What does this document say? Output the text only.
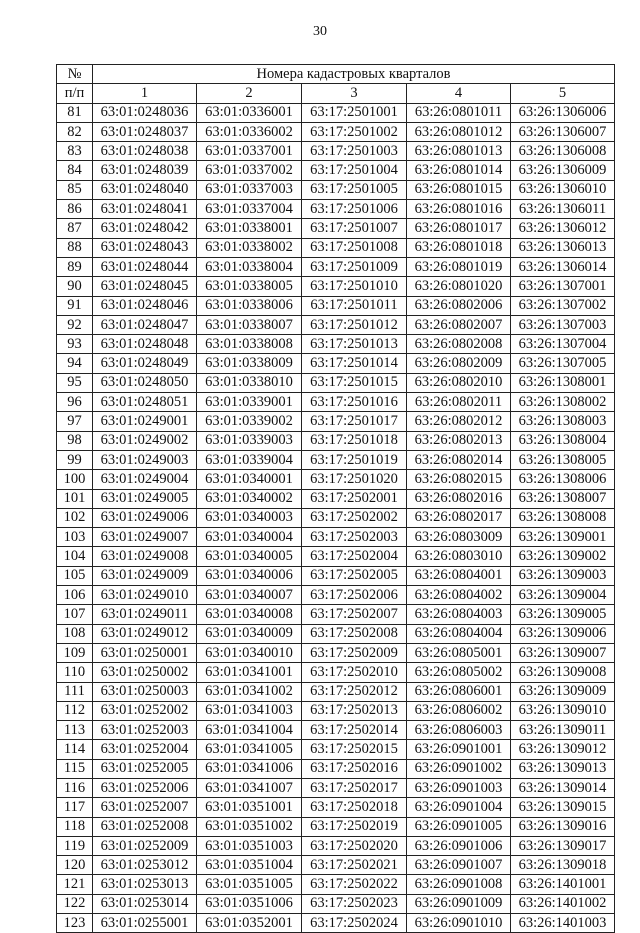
30
№	Номера кадастровых кварталов				
п/п	1	2	3	4	5
81	63:01:0248036	63:01:0336001	63:17:2501001	63:26:0801011	63:26:1306006
82	63:01:0248037	63:01:0336002	63:17:2501002	63:26:0801012	63:26:1306007
83	63:01:0248038	63:01:0337001	63:17:2501003	63:26:0801013	63:26:1306008
84	63:01:0248039	63:01:0337002	63:17:2501004	63:26:0801014	63:26:1306009
85	63:01:0248040	63:01:0337003	63:17:2501005	63:26:0801015	63:26:1306010
86	63:01:0248041	63:01:0337004	63:17:2501006	63:26:0801016	63:26:1306011
87	63:01:0248042	63:01:0338001	63:17:2501007	63:26:0801017	63:26:1306012
88	63:01:0248043	63:01:0338002	63:17:2501008	63:26:0801018	63:26:1306013
89	63:01:0248044	63:01:0338004	63:17:2501009	63:26:0801019	63:26:1306014
90	63:01:0248045	63:01:0338005	63:17:2501010	63:26:0801020	63:26:1307001
91	63:01:0248046	63:01:0338006	63:17:2501011	63:26:0802006	63:26:1307002
92	63:01:0248047	63:01:0338007	63:17:2501012	63:26:0802007	63:26:1307003
93	63:01:0248048	63:01:0338008	63:17:2501013	63:26:0802008	63:26:1307004
94	63:01:0248049	63:01:0338009	63:17:2501014	63:26:0802009	63:26:1307005
95	63:01:0248050	63:01:0338010	63:17:2501015	63:26:0802010	63:26:1308001
96	63:01:0248051	63:01:0339001	63:17:2501016	63:26:0802011	63:26:1308002
97	63:01:0249001	63:01:0339002	63:17:2501017	63:26:0802012	63:26:1308003
98	63:01:0249002	63:01:0339003	63:17:2501018	63:26:0802013	63:26:1308004
99	63:01:0249003	63:01:0339004	63:17:2501019	63:26:0802014	63:26:1308005
100	63:01:0249004	63:01:0340001	63:17:2501020	63:26:0802015	63:26:1308006
101	63:01:0249005	63:01:0340002	63:17:2502001	63:26:0802016	63:26:1308007
102	63:01:0249006	63:01:0340003	63:17:2502002	63:26:0802017	63:26:1308008
103	63:01:0249007	63:01:0340004	63:17:2502003	63:26:0803009	63:26:1309001
104	63:01:0249008	63:01:0340005	63:17:2502004	63:26:0803010	63:26:1309002
105	63:01:0249009	63:01:0340006	63:17:2502005	63:26:0804001	63:26:1309003
106	63:01:0249010	63:01:0340007	63:17:2502006	63:26:0804002	63:26:1309004
107	63:01:0249011	63:01:0340008	63:17:2502007	63:26:0804003	63:26:1309005
108	63:01:0249012	63:01:0340009	63:17:2502008	63:26:0804004	63:26:1309006
109	63:01:0250001	63:01:0340010	63:17:2502009	63:26:0805001	63:26:1309007
110	63:01:0250002	63:01:0341001	63:17:2502010	63:26:0805002	63:26:1309008
111	63:01:0250003	63:01:0341002	63:17:2502012	63:26:0806001	63:26:1309009
112	63:01:0252002	63:01:0341003	63:17:2502013	63:26:0806002	63:26:1309010
113	63:01:0252003	63:01:0341004	63:17:2502014	63:26:0806003	63:26:1309011
114	63:01:0252004	63:01:0341005	63:17:2502015	63:26:0901001	63:26:1309012
115	63:01:0252005	63:01:0341006	63:17:2502016	63:26:0901002	63:26:1309013
116	63:01:0252006	63:01:0341007	63:17:2502017	63:26:0901003	63:26:1309014
117	63:01:0252007	63:01:0351001	63:17:2502018	63:26:0901004	63:26:1309015
118	63:01:0252008	63:01:0351002	63:17:2502019	63:26:0901005	63:26:1309016
119	63:01:0252009	63:01:0351003	63:17:2502020	63:26:0901006	63:26:1309017
120	63:01:0253012	63:01:0351004	63:17:2502021	63:26:0901007	63:26:1309018
121	63:01:0253013	63:01:0351005	63:17:2502022	63:26:0901008	63:26:1401001
122	63:01:0253014	63:01:0351006	63:17:2502023	63:26:0901009	63:26:1401002
123	63:01:0255001	63:01:0352001	63:17:2502024	63:26:0901010	63:26:1401003
